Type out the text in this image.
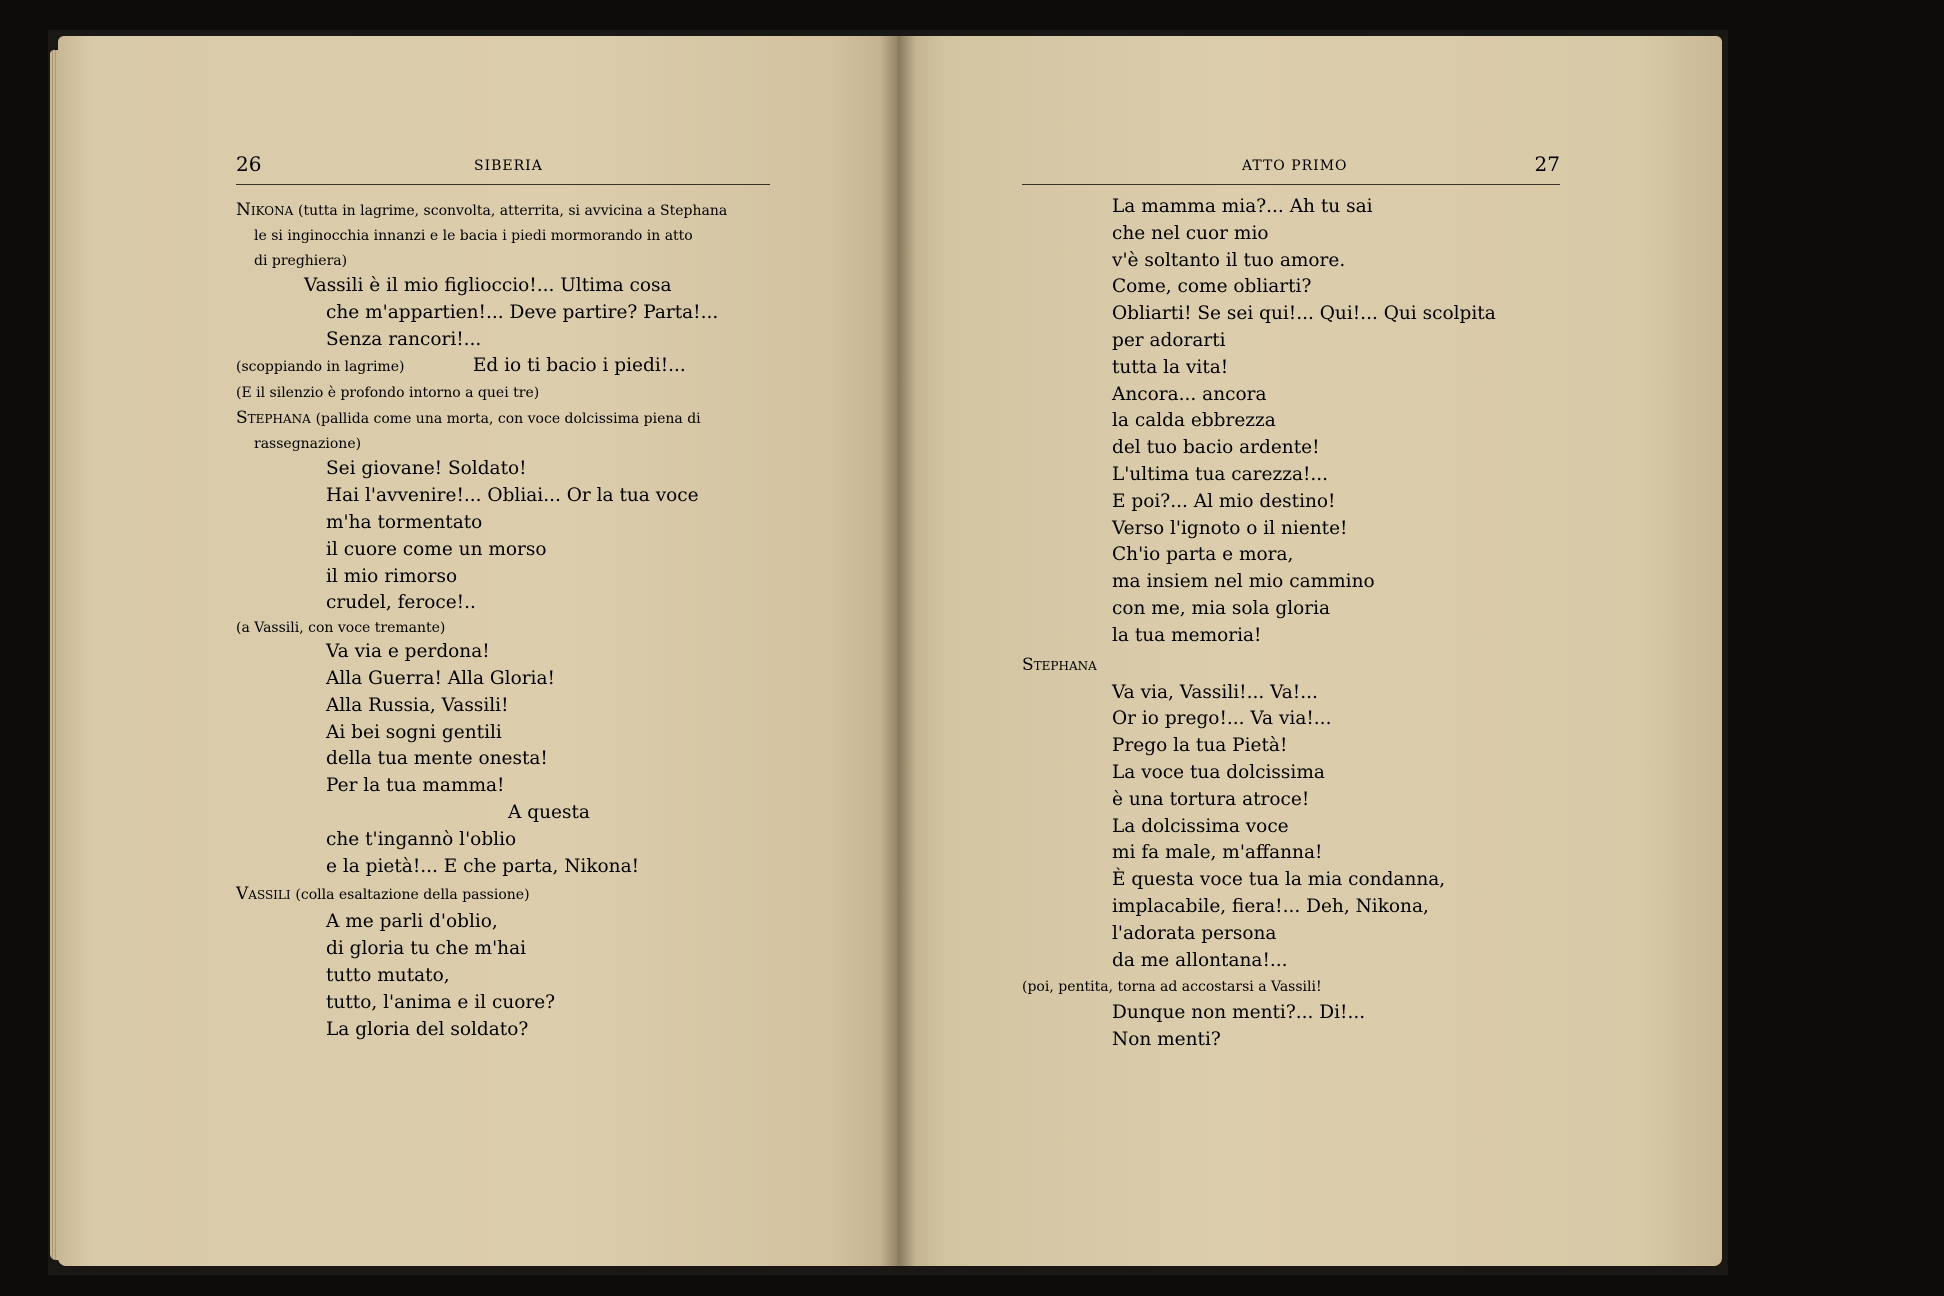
26	SIBERIA	ATTO PRIMO	27
Nikona (tutta in lagrime, sconvolta, atterrita, si avvicina a Stephana
le si inginocchia innanzi e le bacia i piedi mormorando in atto
di preghiera)
Vassili è il mio figlioccio!... Ultima cosa
che m'appartien!... Deve partire? Parta!...
Senza rancori!...
(scoppiando in lagrime)	Ed io ti bacio i piedi!...
(E il silenzio è profondo intorno a quei tre)
Stephana (pallida come una morta, con voce dolcissima piena di
rassegnazione)
Sei giovane! Soldato!
Hai l'avvenire!... Obliai... Or la tua voce
m'ha tormentato
il cuore come un morso
il mio rimorso
crudel, feroce!..
(a Vassili, con voce tremante)
Va via e perdona!
Alla Guerra! Alla Gloria!
Alla Russia, Vassili!
Ai bei sogni gentili
della tua mente onesta!
Per la tua mamma!
A questa
che t'ingannò l'oblio
e la pietà!... E che parta, Nikona!
Vassili (colla esaltazione della passione)
A me parli d'oblio,
di gloria tu che m'hai
tutto mutato,
tutto, l'anima e il cuore?
La gloria del soldato?
La mamma mia?... Ah tu sai
che nel cuor mio
v'è soltanto il tuo amore.
Come, come obliarti?
Obliarti! Se sei qui!... Qui!... Qui scolpita
per adorarti
tutta la vita!
Ancora... ancora
la calda ebbrezza
del tuo bacio ardente!
L'ultima tua carezza!...
E poi?... Al mio destino!
Verso l'ignoto o il niente!
Ch'io parta e mora,
ma insiem nel mio cammino
con me, mia sola gloria
la tua memoria!
Stephana
Va via, Vassili!... Va!...
Or io prego!... Va via!...
Prego la tua Pietà!
La voce tua dolcissima
è una tortura atroce!
La dolcissima voce
mi fa male, m'affanna!
È questa voce tua la mia condanna,
implacabile, fiera!... Deh, Nikona,
l'adorata persona
da me allontana!...
(poi, pentita, torna ad accostarsi a Vassili!
Dunque non menti?... Di!...
Non menti?
